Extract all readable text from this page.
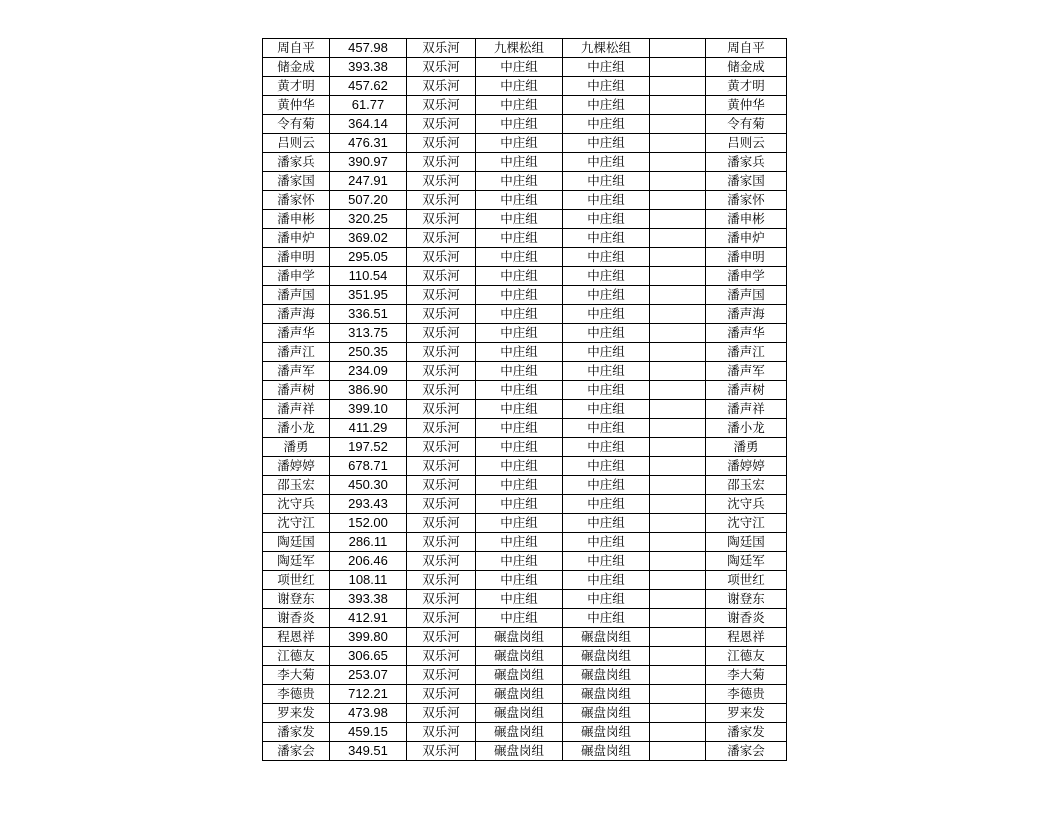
周自平	457.98	双乐河	九棵松组	九棵松组		周自平
储金成	393.38	双乐河	中庄组	中庄组		储金成
黄才明	457.62	双乐河	中庄组	中庄组		黄才明
黄仲华	61.77	双乐河	中庄组	中庄组		黄仲华
令有菊	364.14	双乐河	中庄组	中庄组		令有菊
吕则云	476.31	双乐河	中庄组	中庄组		吕则云
潘家兵	390.97	双乐河	中庄组	中庄组		潘家兵
潘家国	247.91	双乐河	中庄组	中庄组		潘家国
潘家怀	507.20	双乐河	中庄组	中庄组		潘家怀
潘申彬	320.25	双乐河	中庄组	中庄组		潘申彬
潘申炉	369.02	双乐河	中庄组	中庄组		潘申炉
潘申明	295.05	双乐河	中庄组	中庄组		潘申明
潘申学	110.54	双乐河	中庄组	中庄组		潘申学
潘声国	351.95	双乐河	中庄组	中庄组		潘声国
潘声海	336.51	双乐河	中庄组	中庄组		潘声海
潘声华	313.75	双乐河	中庄组	中庄组		潘声华
潘声江	250.35	双乐河	中庄组	中庄组		潘声江
潘声军	234.09	双乐河	中庄组	中庄组		潘声军
潘声树	386.90	双乐河	中庄组	中庄组		潘声树
潘声祥	399.10	双乐河	中庄组	中庄组		潘声祥
潘小龙	411.29	双乐河	中庄组	中庄组		潘小龙
潘勇	197.52	双乐河	中庄组	中庄组		潘勇
潘婷婷	678.71	双乐河	中庄组	中庄组		潘婷婷
邵玉宏	450.30	双乐河	中庄组	中庄组		邵玉宏
沈守兵	293.43	双乐河	中庄组	中庄组		沈守兵
沈守江	152.00	双乐河	中庄组	中庄组		沈守江
陶廷国	286.11	双乐河	中庄组	中庄组		陶廷国
陶廷军	206.46	双乐河	中庄组	中庄组		陶廷军
项世红	108.11	双乐河	中庄组	中庄组		项世红
谢登东	393.38	双乐河	中庄组	中庄组		谢登东
谢香炎	412.91	双乐河	中庄组	中庄组		谢香炎
程恩祥	399.80	双乐河	碾盘岗组	碾盘岗组		程恩祥
江德友	306.65	双乐河	碾盘岗组	碾盘岗组		江德友
李大菊	253.07	双乐河	碾盘岗组	碾盘岗组		李大菊
李德贵	712.21	双乐河	碾盘岗组	碾盘岗组		李德贵
罗来发	473.98	双乐河	碾盘岗组	碾盘岗组		罗来发
潘家发	459.15	双乐河	碾盘岗组	碾盘岗组		潘家发
潘家会	349.51	双乐河	碾盘岗组	碾盘岗组		潘家会
